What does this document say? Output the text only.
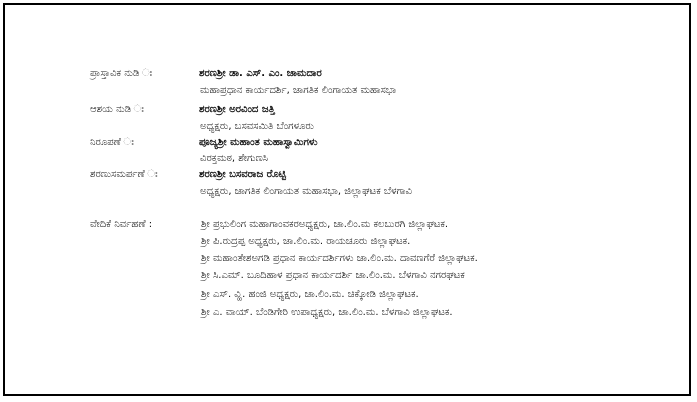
ಪ್ರಾಸ್ತಾವಿಕ ನುಡಿ ಃ	ಶರಣಶ್ರೀ ಡಾ. ಎಸ್. ಎಂ. ಜಾಮದಾರ
ಮಹಾಪ್ರಧಾನ ಕಾರ್ಯದರ್ಶಿ, ಜಾಗತಿಕ ಲಿಂಗಾಯತ ಮಹಾಸಭಾ
ಆಶಯ ನುಡಿ ಃ	ಶರಣಶ್ರೀ ಅರವಿಂದ ಜತ್ತಿ
ಅಧ್ಯಕ್ಷರು, ಬಸವಸಮಿತಿ ಬೆಂಗಳೂರು
ನಿರೂಪಣೆ ಃ	ಪೂಜ್ಯಶ್ರೀ ಮಹಾಂತ ಮಹಾಸ್ವಾಮಿಗಳು
ವಿರಕ್ತಮಠ, ಶೇಗುಣಸಿ
ಶರಣುಸಮರ್ಪಣೆ ಃ	ಶರಣಶ್ರೀ ಬಸವರಾಜ ರೊಟ್ಟಿ
ಅಧ್ಯಕ್ಷರು, ಜಾಗತಿಕ ಲಿಂಗಾಯತ ಮಹಾಸಭಾ, ಜಿಲ್ಲಾಘಟಕ ಬೆಳಗಾವಿ
ವೇದಿಕೆ ನಿರ್ವಹಣೆ :	ಶ್ರೀ ಪ್ರಭುಲಿಂಗ ಮಹಾಗಾಂವಕರಅಧ್ಯಕ್ಷರು, ಜಾ.ಲಿಂ.ಮ ಕಲಬುರಗಿ ಜಿಲ್ಲಾಘಟಕ.
ಶ್ರೀ ಪಿ.ರುದ್ರಪ್ಪ ಅಧ್ಯಕ್ಷರು, ಜಾ.ಲಿಂ.ಮ. ರಾಯಚೂರು ಜಿಲ್ಲಾಘಟಕ.
ಶ್ರೀ ಮಹಾಂತೇಶಅಗಡಿ ಪ್ರಧಾನ ಕಾರ್ಯದರ್ಶಿಗಳು ಜಾ.ಲಿಂ.ಮ. ದಾವಣಗೆರೆ ಜಿಲ್ಲಾಘಟಕ.
ಶ್ರೀ ಸಿ.ಎಮ್. ಬೂದಿಹಾಳ ಪ್ರಧಾನ ಕಾರ್ಯದರ್ಶಿ ಜಾ.ಲಿಂ.ಮ. ಬೆಳಗಾವಿ ನಗರಘಟಕ
ಶ್ರೀ ಎಸ್. ವ್ಹಿ. ಹಂಜಿ ಅಧ್ಯಕ್ಷರು, ಜಾ.ಲಿಂ.ಮ. ಚಿಕ್ಕೋಡಿ ಜಿಲ್ಲಾಘಟಕ.
ಶ್ರೀ ಎ. ವಾಯ್. ಬೆಂಡಿಗೇರಿ ಉಪಾಧ್ಯಕ್ಷರು, ಜಾ.ಲಿಂ.ಮ. ಬೆಳಗಾವಿ ಜಿಲ್ಲಾಘಟಕ.
